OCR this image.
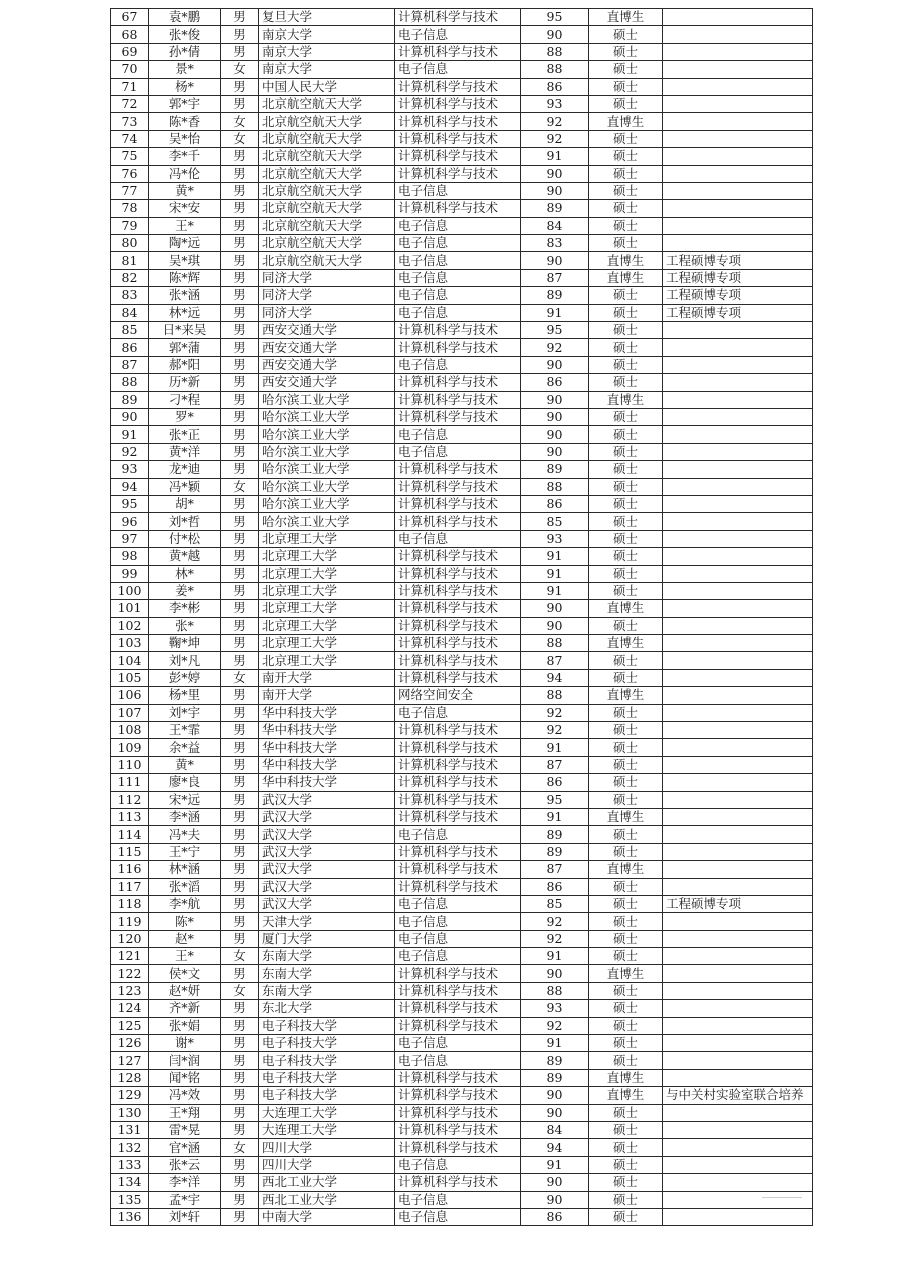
67	袁*鹏	男	复旦大学	计算机科学与技术	95	直博生	
68	张*俊	男	南京大学	电子信息	90	硕士	
69	孙*倩	男	南京大学	计算机科学与技术	88	硕士	
70	景*	女	南京大学	电子信息	88	硕士	
71	杨*	男	中国人民大学	计算机科学与技术	86	硕士	
72	郭*宇	男	北京航空航天大学	计算机科学与技术	93	硕士	
73	陈*香	女	北京航空航天大学	计算机科学与技术	92	直博生	
74	吴*怡	女	北京航空航天大学	计算机科学与技术	92	硕士	
75	李*千	男	北京航空航天大学	计算机科学与技术	91	硕士	
76	冯*伦	男	北京航空航天大学	计算机科学与技术	90	硕士	
77	黄*	男	北京航空航天大学	电子信息	90	硕士	
78	宋*安	男	北京航空航天大学	计算机科学与技术	89	硕士	
79	王*	男	北京航空航天大学	电子信息	84	硕士	
80	陶*远	男	北京航空航天大学	电子信息	83	硕士	
81	吴*琪	男	北京航空航天大学	电子信息	90	直博生	工程硕博专项
82	陈*辉	男	同济大学	电子信息	87	直博生	工程硕博专项
83	张*涵	男	同济大学	电子信息	89	硕士	工程硕博专项
84	林*远	男	同济大学	电子信息	91	硕士	工程硕博专项
85	日*来吴	男	西安交通大学	计算机科学与技术	95	硕士	
86	郭*蒲	男	西安交通大学	计算机科学与技术	92	硕士	
87	郝*阳	男	西安交通大学	电子信息	90	硕士	
88	历*新	男	西安交通大学	计算机科学与技术	86	硕士	
89	刁*程	男	哈尔滨工业大学	计算机科学与技术	90	直博生	
90	罗*	男	哈尔滨工业大学	计算机科学与技术	90	硕士	
91	张*正	男	哈尔滨工业大学	电子信息	90	硕士	
92	黄*洋	男	哈尔滨工业大学	电子信息	90	硕士	
93	龙*迪	男	哈尔滨工业大学	计算机科学与技术	89	硕士	
94	冯*颖	女	哈尔滨工业大学	计算机科学与技术	88	硕士	
95	胡*	男	哈尔滨工业大学	计算机科学与技术	86	硕士	
96	刘*哲	男	哈尔滨工业大学	计算机科学与技术	85	硕士	
97	付*松	男	北京理工大学	电子信息	93	硕士	
98	黄*越	男	北京理工大学	计算机科学与技术	91	硕士	
99	林*	男	北京理工大学	计算机科学与技术	91	硕士	
100	姜*	男	北京理工大学	计算机科学与技术	91	硕士	
101	李*彬	男	北京理工大学	计算机科学与技术	90	直博生	
102	张*	男	北京理工大学	计算机科学与技术	90	硕士	
103	鞠*坤	男	北京理工大学	计算机科学与技术	88	直博生	
104	刘*凡	男	北京理工大学	计算机科学与技术	87	硕士	
105	彭*婷	女	南开大学	计算机科学与技术	94	硕士	
106	杨*里	男	南开大学	网络空间安全	88	直博生	
107	刘*宇	男	华中科技大学	电子信息	92	硕士	
108	王*霏	男	华中科技大学	计算机科学与技术	92	硕士	
109	余*益	男	华中科技大学	计算机科学与技术	91	硕士	
110	黄*	男	华中科技大学	计算机科学与技术	87	硕士	
111	廖*良	男	华中科技大学	计算机科学与技术	86	硕士	
112	宋*远	男	武汉大学	计算机科学与技术	95	硕士	
113	李*涵	男	武汉大学	计算机科学与技术	91	直博生	
114	冯*夫	男	武汉大学	电子信息	89	硕士	
115	王*宁	男	武汉大学	计算机科学与技术	89	硕士	
116	林*涵	男	武汉大学	计算机科学与技术	87	直博生	
117	张*滔	男	武汉大学	计算机科学与技术	86	硕士	
118	李*航	男	武汉大学	电子信息	85	硕士	工程硕博专项
119	陈*	男	天津大学	电子信息	92	硕士	
120	赵*	男	厦门大学	电子信息	92	硕士	
121	王*	女	东南大学	电子信息	91	硕士	
122	侯*文	男	东南大学	计算机科学与技术	90	直博生	
123	赵*妍	女	东南大学	计算机科学与技术	88	硕士	
124	齐*新	男	东北大学	计算机科学与技术	93	硕士	
125	张*娟	男	电子科技大学	计算机科学与技术	92	硕士	
126	谢*	男	电子科技大学	电子信息	91	硕士	
127	闫*润	男	电子科技大学	电子信息	89	硕士	
128	闻*铭	男	电子科技大学	计算机科学与技术	89	直博生	
129	冯*效	男	电子科技大学	计算机科学与技术	90	直博生	与中关村实验室联合培养
130	王*翔	男	大连理工大学	计算机科学与技术	90	硕士	
131	雷*晃	男	大连理工大学	计算机科学与技术	84	硕士	
132	官*涵	女	四川大学	计算机科学与技术	94	硕士	
133	张*云	男	四川大学	电子信息	91	硕士	
134	李*洋	男	西北工业大学	计算机科学与技术	90	硕士	
135	孟*宇	男	西北工业大学	电子信息	90	硕士	
136	刘*轩	男	中南大学	电子信息	86	硕士	
